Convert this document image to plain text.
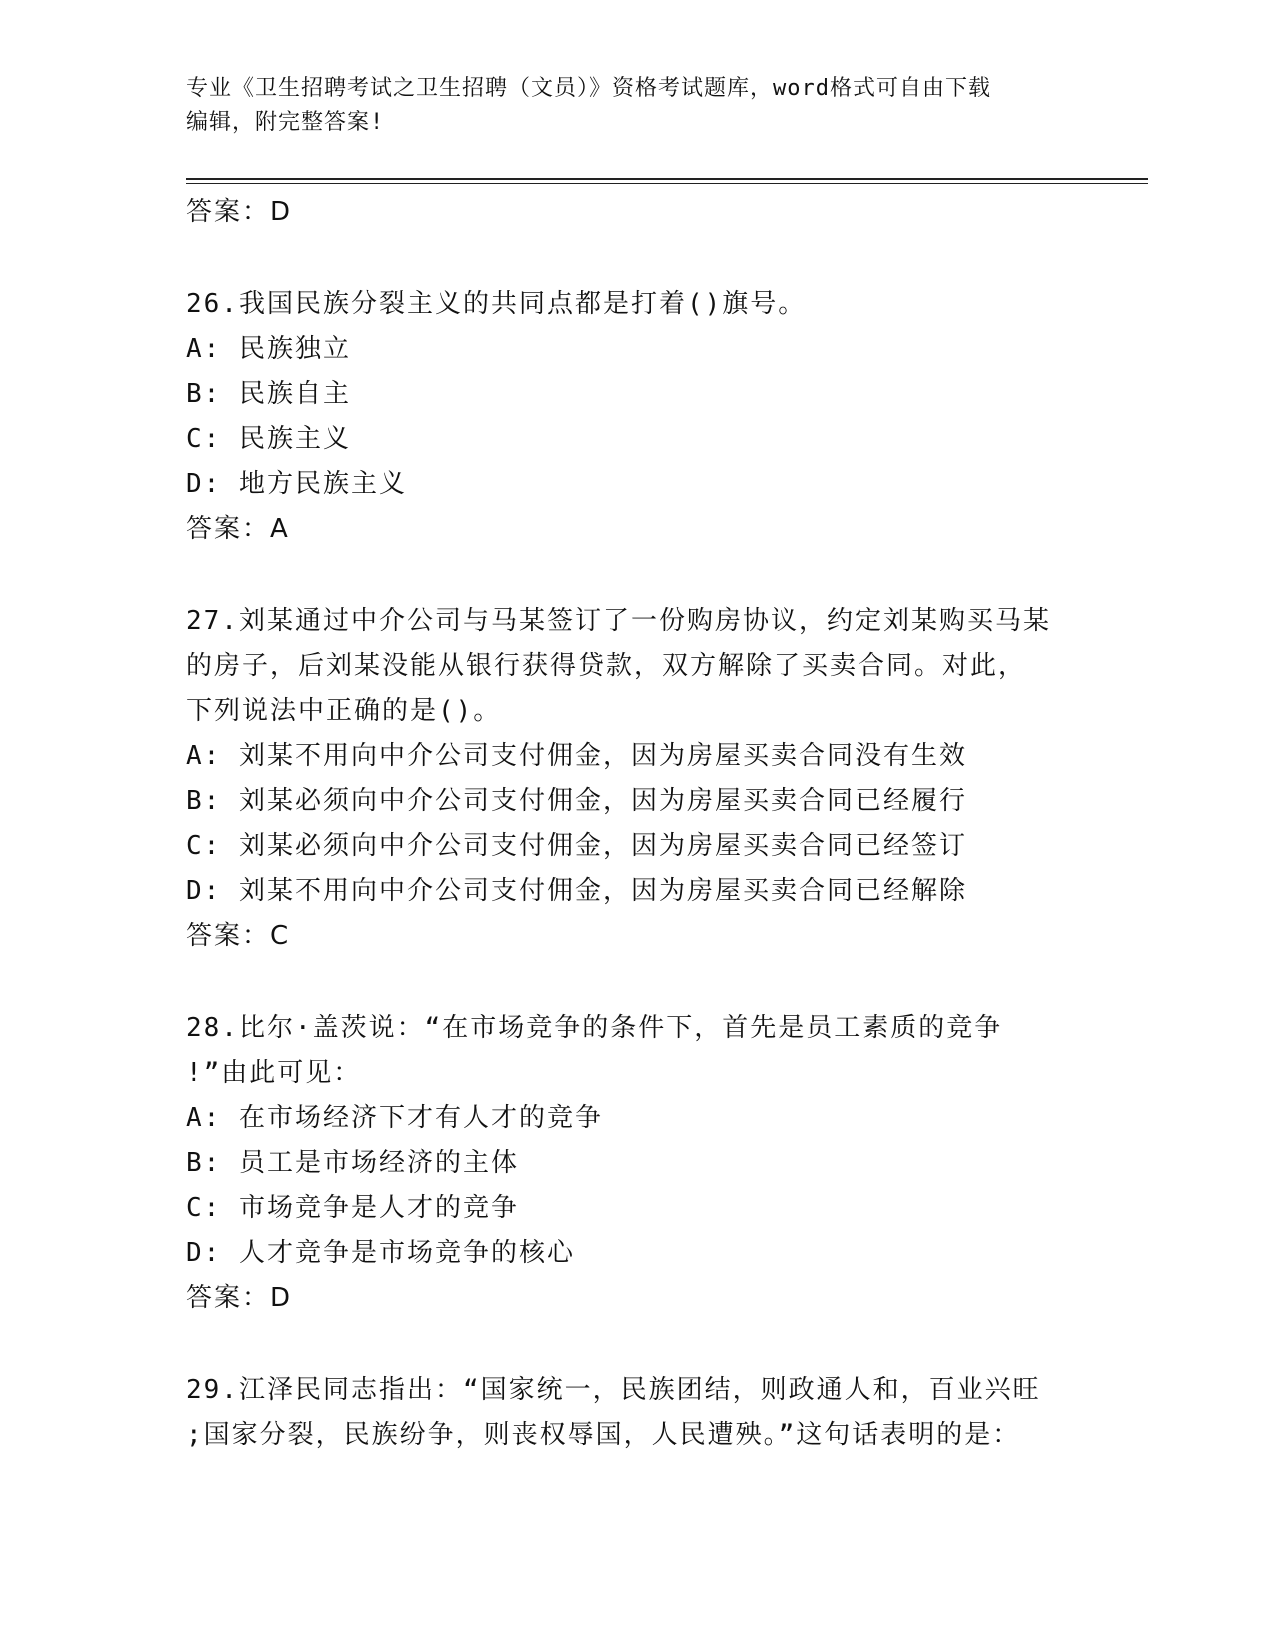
专业《卫生招聘考试之卫生招聘（文员）》资格考试题库，word格式可自由下载
编辑，附完整答案!
答案：D
26.我国民族分裂主义的共同点都是打着()旗号。
A: 民族独立
B: 民族自主
C: 民族主义
D: 地方民族主义
答案：A
27.刘某通过中介公司与马某签订了一份购房协议，约定刘某购买马某
的房子，后刘某没能从银行获得贷款，双方解除了买卖合同。对此，
下列说法中正确的是()。
A: 刘某不用向中介公司支付佣金，因为房屋买卖合同没有生效
B: 刘某必须向中介公司支付佣金，因为房屋买卖合同已经履行
C: 刘某必须向中介公司支付佣金，因为房屋买卖合同已经签订
D: 刘某不用向中介公司支付佣金，因为房屋买卖合同已经解除
答案：C
28.比尔·盖茨说：“在市场竞争的条件下，首先是员工素质的竞争
!”由此可见：
A: 在市场经济下才有人才的竞争
B: 员工是市场经济的主体
C: 市场竞争是人才的竞争
D: 人才竞争是市场竞争的核心
答案：D
29.江泽民同志指出：“国家统一，民族团结，则政通人和，百业兴旺
;国家分裂，民族纷争，则丧权辱国，人民遭殃。”这句话表明的是：
